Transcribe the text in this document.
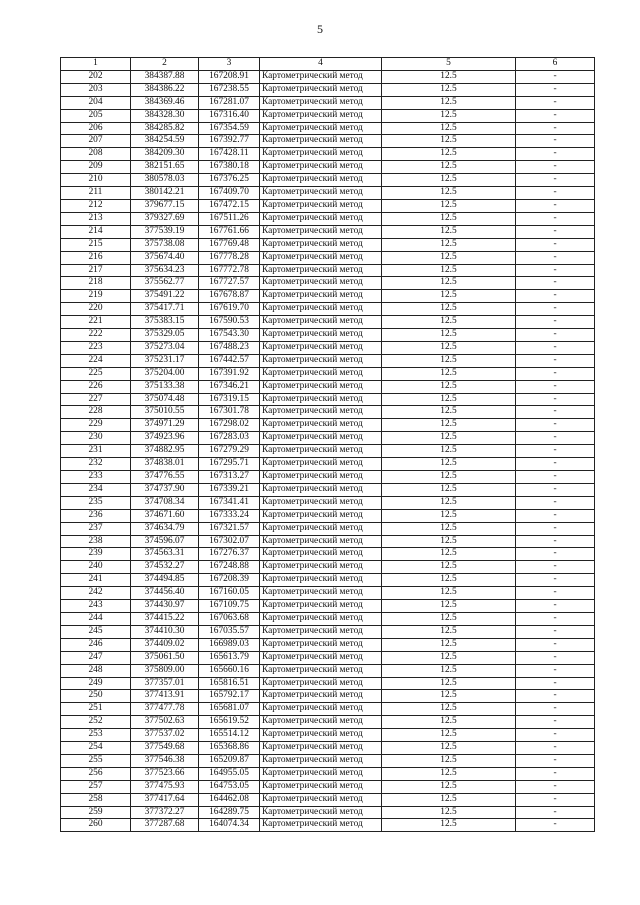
5
1	2	3	4	5	6
202	384387.88	167208.91	Картометрический метод	12.5	-
203	384386.22	167238.55	Картометрический метод	12.5	-
204	384369.46	167281.07	Картометрический метод	12.5	-
205	384328.30	167316.40	Картометрический метод	12.5	-
206	384285.82	167354.59	Картометрический метод	12.5	-
207	384254.59	167392.77	Картометрический метод	12.5	-
208	384209.30	167428.11	Картометрический метод	12.5	-
209	382151.65	167380.18	Картометрический метод	12.5	-
210	380578.03	167376.25	Картометрический метод	12.5	-
211	380142.21	167409.70	Картометрический метод	12.5	-
212	379677.15	167472.15	Картометрический метод	12.5	-
213	379327.69	167511.26	Картометрический метод	12.5	-
214	377539.19	167761.66	Картометрический метод	12.5	-
215	375738.08	167769.48	Картометрический метод	12.5	-
216	375674.40	167778.28	Картометрический метод	12.5	-
217	375634.23	167772.78	Картометрический метод	12.5	-
218	375562.77	167727.57	Картометрический метод	12.5	-
219	375491.22	167678.87	Картометрический метод	12.5	-
220	375417.71	167619.70	Картометрический метод	12.5	-
221	375383.15	167590.53	Картометрический метод	12.5	-
222	375329.05	167543.30	Картометрический метод	12.5	-
223	375273.04	167488.23	Картометрический метод	12.5	-
224	375231.17	167442.57	Картометрический метод	12.5	-
225	375204.00	167391.92	Картометрический метод	12.5	-
226	375133.38	167346.21	Картометрический метод	12.5	-
227	375074.48	167319.15	Картометрический метод	12.5	-
228	375010.55	167301.78	Картометрический метод	12.5	-
229	374971.29	167298.02	Картометрический метод	12.5	-
230	374923.96	167283.03	Картометрический метод	12.5	-
231	374882.95	167279.29	Картометрический метод	12.5	-
232	374838.01	167295.71	Картометрический метод	12.5	-
233	374776.55	167313.27	Картометрический метод	12.5	-
234	374737.90	167339.21	Картометрический метод	12.5	-
235	374708.34	167341.41	Картометрический метод	12.5	-
236	374671.60	167333.24	Картометрический метод	12.5	-
237	374634.79	167321.57	Картометрический метод	12.5	-
238	374596.07	167302.07	Картометрический метод	12.5	-
239	374563.31	167276.37	Картометрический метод	12.5	-
240	374532.27	167248.88	Картометрический метод	12.5	-
241	374494.85	167208.39	Картометрический метод	12.5	-
242	374456.40	167160.05	Картометрический метод	12.5	-
243	374430.97	167109.75	Картометрический метод	12.5	-
244	374415.22	167063.68	Картометрический метод	12.5	-
245	374410.30	167035.57	Картометрический метод	12.5	-
246	374409.02	166989.03	Картометрический метод	12.5	-
247	375061.50	165613.79	Картометрический метод	12.5	-
248	375809.00	165660.16	Картометрический метод	12.5	-
249	377357.01	165816.51	Картометрический метод	12.5	-
250	377413.91	165792.17	Картометрический метод	12.5	-
251	377477.78	165681.07	Картометрический метод	12.5	-
252	377502.63	165619.52	Картометрический метод	12.5	-
253	377537.02	165514.12	Картометрический метод	12.5	-
254	377549.68	165368.86	Картометрический метод	12.5	-
255	377546.38	165209.87	Картометрический метод	12.5	-
256	377523.66	164955.05	Картометрический метод	12.5	-
257	377475.93	164753.05	Картометрический метод	12.5	-
258	377417.64	164462.08	Картометрический метод	12.5	-
259	377372.27	164289.75	Картометрический метод	12.5	-
260	377287.68	164074.34	Картометрический метод	12.5	-
